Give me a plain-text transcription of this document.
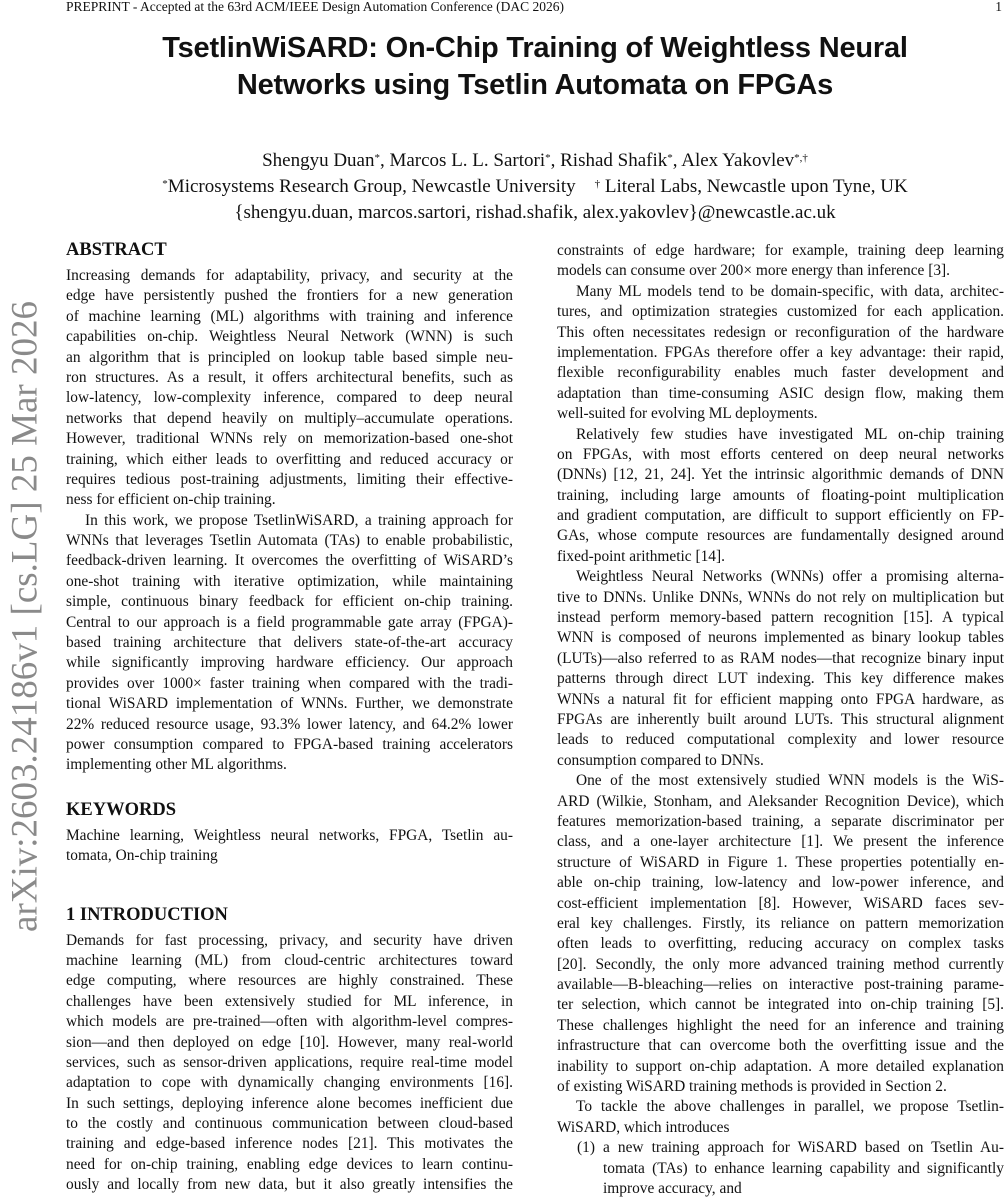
PREPRINT - Accepted at the 63rd ACM/IEEE Design Automation Conference (DAC 2026)	1
arXiv:2603.24186v1 [cs.LG] 25 Mar 2026
TsetlinWiSARD: On-Chip Training of Weightless Neural
Networks using Tsetlin Automata on FPGAs
Shengyu Duan*, Marcos L. L. Sartori*, Rishad Shafik*, Alex Yakovlev*,†
*Microsystems Research Group, Newcastle University † Literal Labs, Newcastle upon Tyne, UK
{shengyu.duan, marcos.sartori, rishad.shafik, alex.yakovlev}@newcastle.ac.uk
ABSTRACT
Increasing demands for adaptability, privacy, and security at the
edge have persistently pushed the frontiers for a new generation
of machine learning (ML) algorithms with training and inference
capabilities on-chip. Weightless Neural Network (WNN) is such
an algorithm that is principled on lookup table based simple neu-
ron structures. As a result, it offers architectural benefits, such as
low-latency, low-complexity inference, compared to deep neural
networks that depend heavily on multiply–accumulate operations.
However, traditional WNNs rely on memorization-based one-shot
training, which either leads to overfitting and reduced accuracy or
requires tedious post-training adjustments, limiting their effective-
ness for efficient on-chip training.
In this work, we propose TsetlinWiSARD, a training approach for
WNNs that leverages Tsetlin Automata (TAs) to enable probabilistic,
feedback-driven learning. It overcomes the overfitting of WiSARD’s
one-shot training with iterative optimization, while maintaining
simple, continuous binary feedback for efficient on-chip training.
Central to our approach is a field programmable gate array (FPGA)-
based training architecture that delivers state-of-the-art accuracy
while significantly improving hardware efficiency. Our approach
provides over 1000× faster training when compared with the tradi-
tional WiSARD implementation of WNNs. Further, we demonstrate
22% reduced resource usage, 93.3% lower latency, and 64.2% lower
power consumption compared to FPGA-based training accelerators
implementing other ML algorithms.
KEYWORDS
Machine learning, Weightless neural networks, FPGA, Tsetlin au-
tomata, On-chip training
1 INTRODUCTION
Demands for fast processing, privacy, and security have driven
machine learning (ML) from cloud-centric architectures toward
edge computing, where resources are highly constrained. These
challenges have been extensively studied for ML inference, in
which models are pre-trained—often with algorithm-level compres-
sion—and then deployed on edge [10]. However, many real-world
services, such as sensor-driven applications, require real-time model
adaptation to cope with dynamically changing environments [16].
In such settings, deploying inference alone becomes inefficient due
to the costly and continuous communication between cloud-based
training and edge-based inference nodes [21]. This motivates the
need for on-chip training, enabling edge devices to learn continu-
ously and locally from new data, but it also greatly intensifies the
constraints of edge hardware; for example, training deep learning
models can consume over 200× more energy than inference [3].
Many ML models tend to be domain-specific, with data, architec-
tures, and optimization strategies customized for each application.
This often necessitates redesign or reconfiguration of the hardware
implementation. FPGAs therefore offer a key advantage: their rapid,
flexible reconfigurability enables much faster development and
adaptation than time-consuming ASIC design flow, making them
well-suited for evolving ML deployments.
Relatively few studies have investigated ML on-chip training
on FPGAs, with most efforts centered on deep neural networks
(DNNs) [12, 21, 24]. Yet the intrinsic algorithmic demands of DNN
training, including large amounts of floating-point multiplication
and gradient computation, are difficult to support efficiently on FP-
GAs, whose compute resources are fundamentally designed around
fixed-point arithmetic [14].
Weightless Neural Networks (WNNs) offer a promising alterna-
tive to DNNs. Unlike DNNs, WNNs do not rely on multiplication but
instead perform memory-based pattern recognition [15]. A typical
WNN is composed of neurons implemented as binary lookup tables
(LUTs)—also referred to as RAM nodes—that recognize binary input
patterns through direct LUT indexing. This key difference makes
WNNs a natural fit for efficient mapping onto FPGA hardware, as
FPGAs are inherently built around LUTs. This structural alignment
leads to reduced computational complexity and lower resource
consumption compared to DNNs.
One of the most extensively studied WNN models is the WiS-
ARD (Wilkie, Stonham, and Aleksander Recognition Device), which
features memorization-based training, a separate discriminator per
class, and a one-layer architecture [1]. We present the inference
structure of WiSARD in Figure 1. These properties potentially en-
able on-chip training, low-latency and low-power inference, and
cost-efficient implementation [8]. However, WiSARD faces sev-
eral key challenges. Firstly, its reliance on pattern memorization
often leads to overfitting, reducing accuracy on complex tasks
[20]. Secondly, the only more advanced training method currently
available—B-bleaching—relies on interactive post-training parame-
ter selection, which cannot be integrated into on-chip training [5].
These challenges highlight the need for an inference and training
infrastructure that can overcome both the overfitting issue and the
inability to support on-chip adaptation. A more detailed explanation
of existing WiSARD training methods is provided in Section 2.
To tackle the above challenges in parallel, we propose Tsetlin-
WiSARD, which introduces
(1) a new training approach for WiSARD based on Tsetlin Au-
tomata (TAs) to enhance learning capability and significantly
improve accuracy, and
